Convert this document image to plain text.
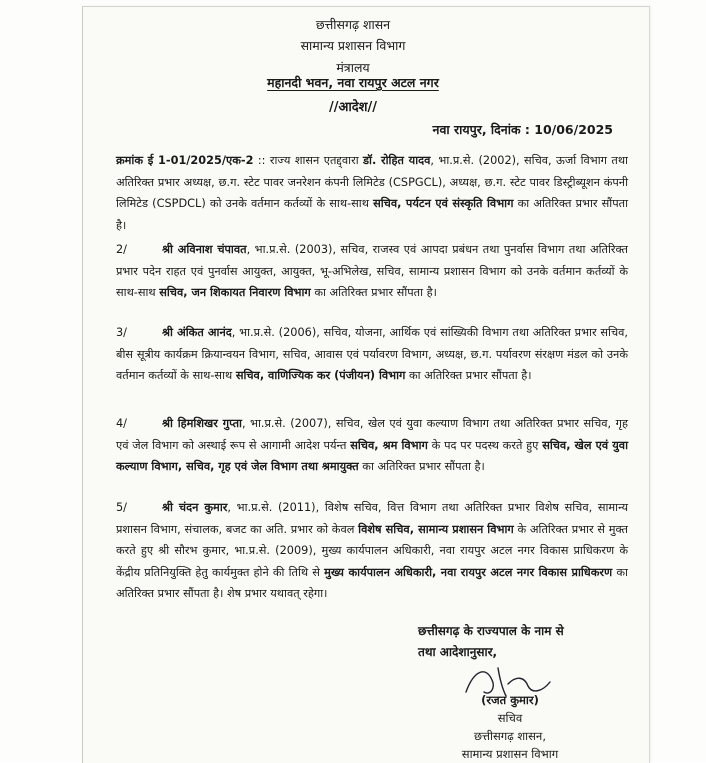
छत्तीसगढ़ शासन
सामान्य प्रशासन विभाग
मंत्रालय
महानदी भवन, नवा रायपुर अटल नगर
//आदेश//
नवा रायपुर, दिनांक : 10/06/2025
क्रमांक ई 1-01/2025/एक-2 :: राज्य शासन एतद्द्वारा डॉ. रोहित यादव, भा.प्र.से. (2002), सचिव, ऊर्जा विभाग तथा अतिरिक्त प्रभार अध्यक्ष, छ.ग. स्टेट पावर जनरेशन कंपनी लिमिटेड (CSPGCL), अध्यक्ष, छ.ग. स्टेट पावर डिस्ट्रीब्यूशन कंपनी लिमिटेड (CSPDCL) को उनके वर्तमान कर्तव्यों के साथ-साथ सचिव, पर्यटन एवं संस्कृति विभाग का अतिरिक्त प्रभार सौंपता है।
2/	श्री अविनाश चंपावत, भा.प्र.से. (2003), सचिव, राजस्व एवं आपदा प्रबंधन तथा पुनर्वास विभाग तथा अतिरिक्त प्रभार पदेन राहत एवं पुनर्वास आयुक्त, आयुक्त, भू-अभिलेख, सचिव, सामान्य प्रशासन विभाग को उनके वर्तमान कर्तव्यों के साथ-साथ सचिव, जन शिकायत निवारण विभाग का अतिरिक्त प्रभार सौंपता है।
3/	श्री अंकित आनंद, भा.प्र.से. (2006), सचिव, योजना, आर्थिक एवं सांख्यिकी विभाग तथा अतिरिक्त प्रभार सचिव, बीस सूत्रीय कार्यक्रम क्रियान्वयन विभाग, सचिव, आवास एवं पर्यावरण विभाग, अध्यक्ष, छ.ग. पर्यावरण संरक्षण मंडल को उनके वर्तमान कर्तव्यों के साथ-साथ सचिव, वाणिज्यिक कर (पंजीयन) विभाग का अतिरिक्त प्रभार सौंपता है।
4/	श्री हिमशिखर गुप्ता, भा.प्र.से. (2007), सचिव, खेल एवं युवा कल्याण विभाग तथा अतिरिक्त प्रभार सचिव, गृह एवं जेल विभाग को अस्थाई रूप से आगामी आदेश पर्यन्त सचिव, श्रम विभाग के पद पर पदस्थ करते हुए सचिव, खेल एवं युवा कल्याण विभाग, सचिव, गृह एवं जेल विभाग तथा श्रमायुक्त का अतिरिक्त प्रभार सौंपता है।
5/	श्री चंदन कुमार, भा.प्र.से. (2011), विशेष सचिव, वित्त विभाग तथा अतिरिक्त प्रभार विशेष सचिव, सामान्य प्रशासन विभाग, संचालक, बजट का अति. प्रभार को केवल विशेष सचिव, सामान्य प्रशासन विभाग के अतिरिक्त प्रभार से मुक्त करते हुए श्री सौरभ कुमार, भा.प्र.से. (2009), मुख्य कार्यपालन अधिकारी, नवा रायपुर अटल नगर विकास प्राधिकरण के केंद्रीय प्रतिनियुक्ति हेतु कार्यमुक्त होने की तिथि से मुख्य कार्यपालन अधिकारी, नवा रायपुर अटल नगर विकास प्राधिकरण का अतिरिक्त प्रभार सौंपता है। शेष प्रभार यथावत् रहेगा।
छत्तीसगढ़ के राज्यपाल के नाम से
तथा आदेशानुसार,
(रजत कुमार)
सचिव
छत्तीसगढ़ शासन,
सामान्य प्रशासन विभाग
